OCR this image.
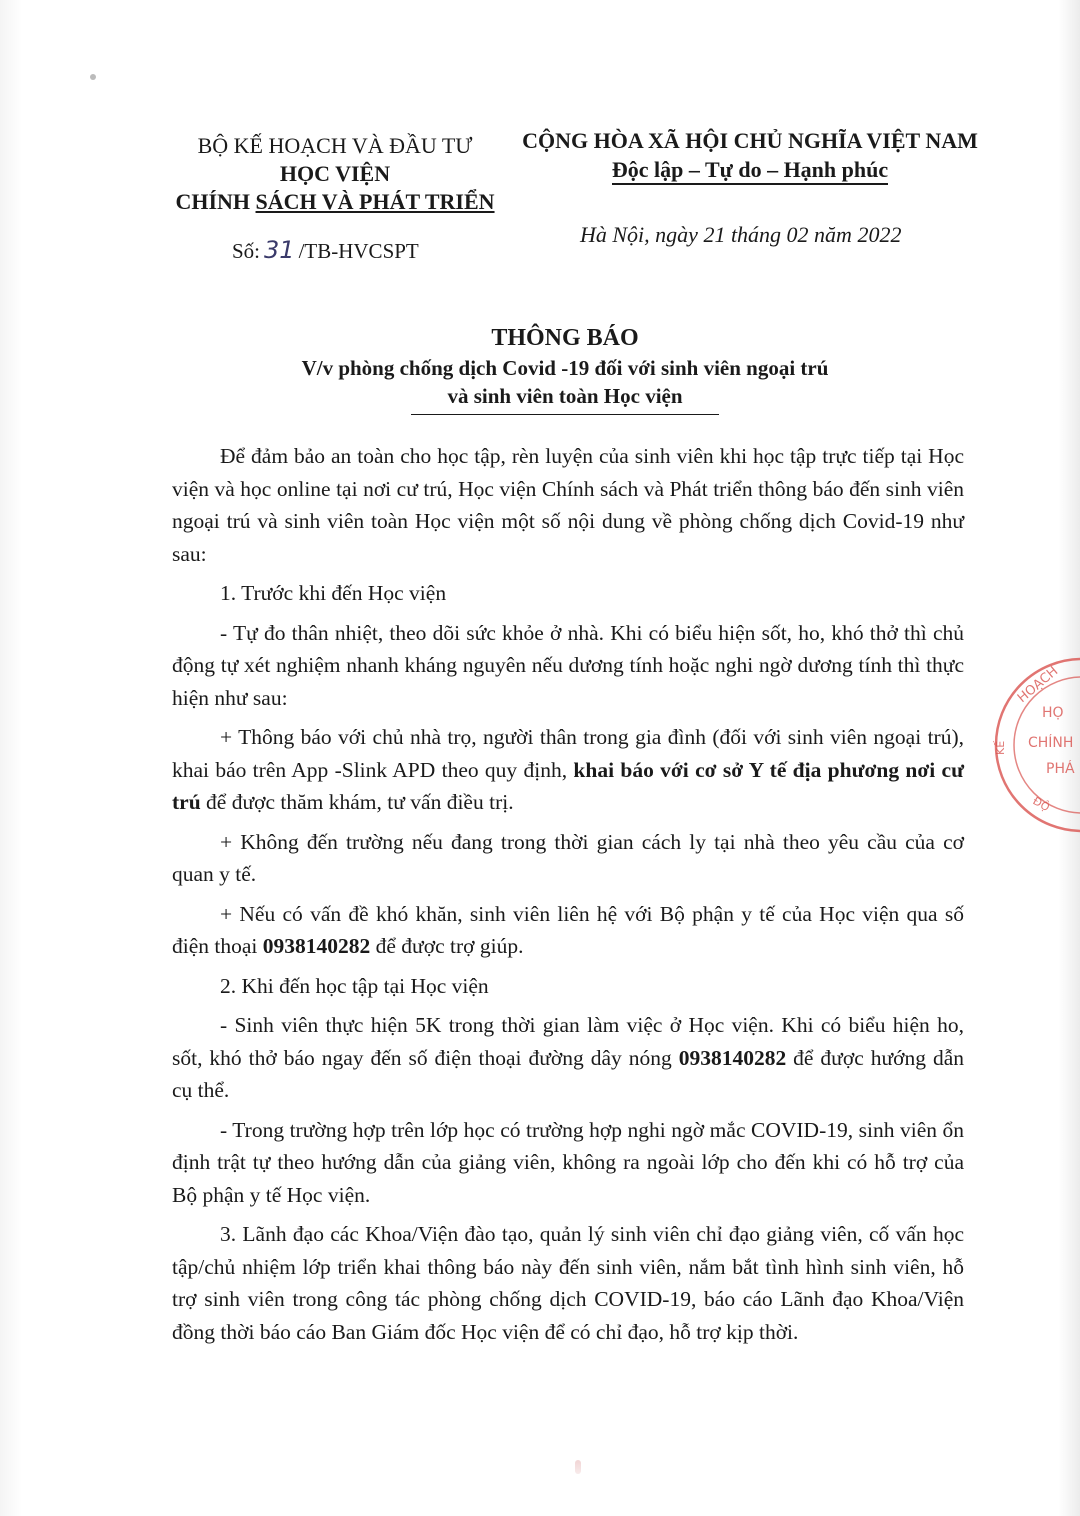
BỘ KẾ HOẠCH VÀ ĐẦU TƯ
HỌC VIỆN
CHÍNH SÁCH VÀ PHÁT TRIỂN
CỘNG HÒA XÃ HỘI CHỦ NGHĨA VIỆT NAM
Độc lập – Tự do – Hạnh phúc
Số: 31 /TB-HVCSPT
Hà Nội, ngày 21 tháng 02 năm 2022
THÔNG BÁO
V/v phòng chống dịch Covid -19 đối với sinh viên ngoại trú
và sinh viên toàn Học viện

Để đảm bảo an toàn cho học tập, rèn luyện của sinh viên khi học tập trực tiếp tại Học viện và học online tại nơi cư trú, Học viện Chính sách và Phát triển thông báo đến sinh viên ngoại trú và sinh viên toàn Học viện một số nội dung về phòng chống dịch Covid-19 như sau:

1. Trước khi đến Học viện

- Tự đo thân nhiệt, theo dõi sức khỏe ở nhà. Khi có biểu hiện sốt, ho, khó thở thì chủ động tự xét nghiệm nhanh kháng nguyên nếu dương tính hoặc nghi ngờ dương tính thì thực hiện như sau:

+ Thông báo với chủ nhà trọ, người thân trong gia đình (đối với sinh viên ngoại trú), khai báo trên App -Slink APD theo quy định, khai báo với cơ sở Y tế địa phương nơi cư trú để được thăm khám, tư vấn điều trị.

+ Không đến trường nếu đang trong thời gian cách ly tại nhà theo yêu cầu của cơ quan y tế.

+ Nếu có vấn đề khó khăn, sinh viên liên hệ với Bộ phận y tế của Học viện qua số điện thoại 0938140282 để được trợ giúp.

2. Khi đến học tập tại Học viện

- Sinh viên thực hiện 5K trong thời gian làm việc ở Học viện. Khi có biểu hiện ho, sốt, khó thở báo ngay đến số điện thoại đường dây nóng 0938140282 để được hướng dẫn cụ thể.

- Trong trường hợp trên lớp học có trường hợp nghi ngờ mắc COVID-19, sinh viên ổn định trật tự theo hướng dẫn của giảng viên, không ra ngoài lớp cho đến khi có hỗ trợ của Bộ phận y tế Học viện.

3. Lãnh đạo các Khoa/Viện đào tạo, quản lý sinh viên chỉ đạo giảng viên, cố vấn học tập/chủ nhiệm lớp triển khai thông báo này đến sinh viên, nắm bắt tình hình sinh viên, hỗ trợ sinh viên trong công tác phòng chống dịch COVID-19, báo cáo Lãnh đạo Khoa/Viện đồng thời báo cáo Ban Giám đốc Học viện để có chỉ đạo, hỗ trợ kịp thời.

HOẠCH
HỌ
CHÍNH
PHÁ
KẾ
ĐỘ
